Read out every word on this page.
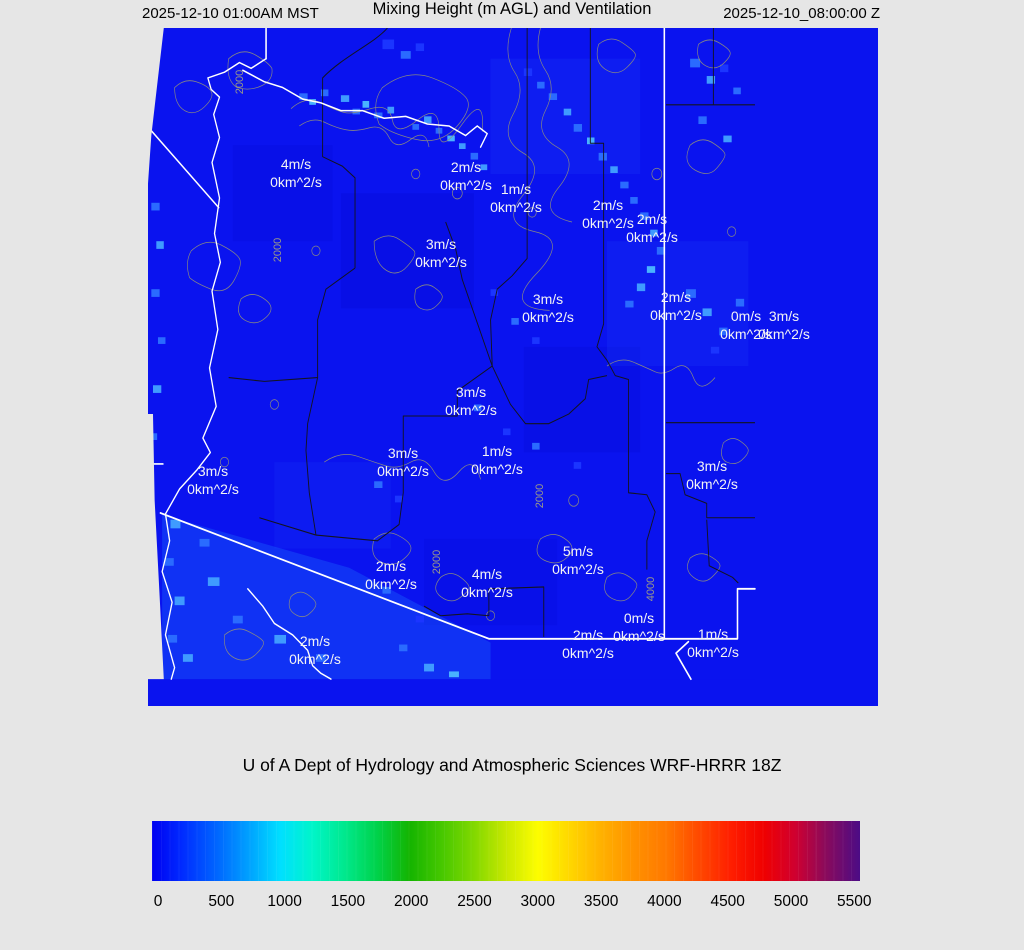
2025-12-10 01:00AM MST	Mixing Height (m AGL) and Ventilation	2025-12-10_08:00:00 Z
4m/s
0km^2/s
2m/s
0km^2/s 1m/s
0km^2/s	2m/s
0km^2/s 2m/s
0km^2/s
3m/s
0km^2/s
3m/s
0km^2/s
2m/s
0km^2/s	0m/s
0km^2/s
3m/s
0km^2/s
3m/s
0km^2/s
3m/s
0km^2/s
1m/s
0km^2/s	3m/s
0km^2/s
3m/s
0km^2/s
2m/s
0km^2/s
4m/s
0km^2/s
5m/s
0km^2/s
2m/s
0km^2/s
0m/s
0km^2/s
2m/s
0km^2/s
1m/s
0km^2/s
2000
2000
2000
2000
4000
U of A Dept of Hydrology and Atmospheric Sciences WRF-HRRR 18Z
0	500 1000 1500 2000 2500 3000 3500 4000 4500 5000 5500
